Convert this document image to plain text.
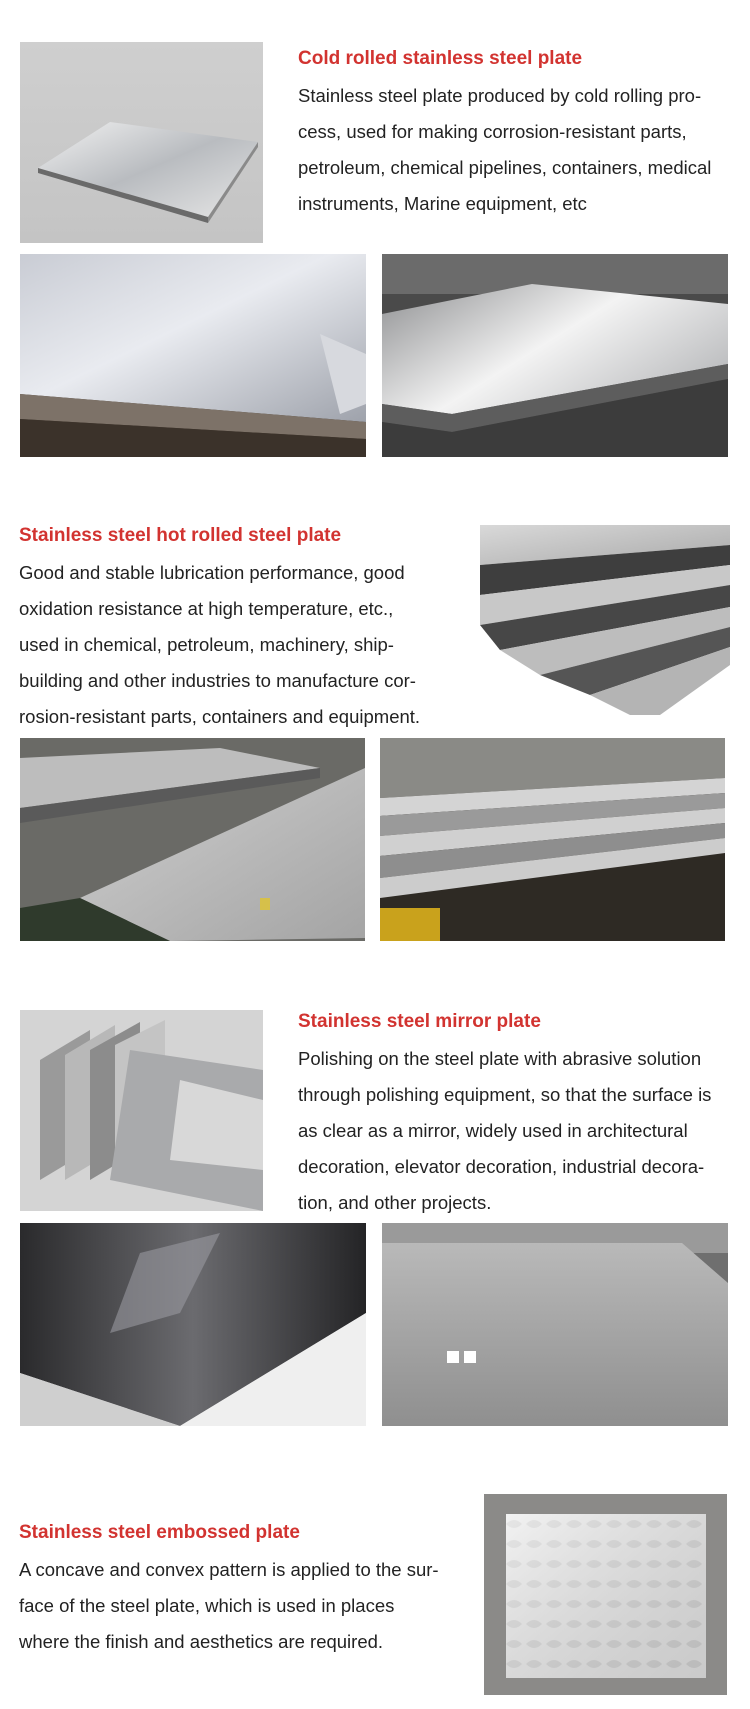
Cold rolled stainless steel plate

Stainless steel plate produced by cold rolling pro-

cess, used for making corrosion-resistant parts,

petroleum, chemical pipelines, containers, medical

instruments, Marine equipment, etc

Stainless steel hot rolled steel plate

Good and stable lubrication performance, good

oxidation resistance at high temperature, etc.,

used in chemical, petroleum, machinery, ship-

building and other industries to manufacture cor-

rosion-resistant parts, containers and equipment.

Stainless steel mirror plate

Polishing on the steel plate with abrasive solution

through polishing equipment, so that the surface is

as clear as a mirror, widely used in architectural

decoration, elevator decoration, industrial decora-

tion, and other projects.

Stainless steel embossed plate

A concave and convex pattern is applied to the sur-

face of the steel plate, which is used in places

where the finish and aesthetics are required.
